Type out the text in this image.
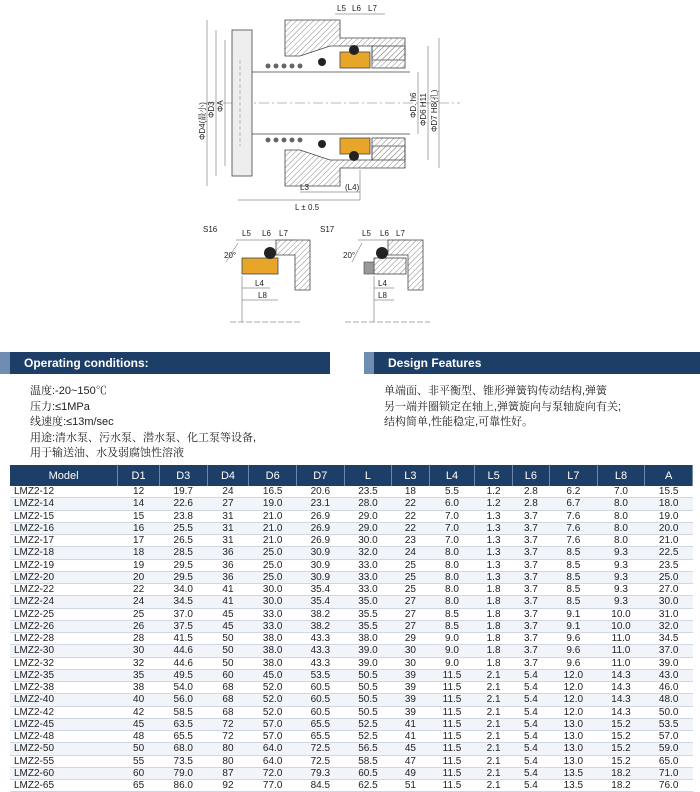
L5 L6 L7
ΦD4(最小) ΦD3 ΦA	ΦD. h6 ΦD6 H11 ΦD7 H8(孔)
L3	(L4)
L ± 0.5
S16
20°
L5 L6 L7
L4
L8
S17
20°
L5 L6 L7
L4
L8
Operating conditions:	Design Features
温度:-20~150℃
压力:≤1MPa
线速度:≤13m/sec
用途:清水泵、污水泵、潜水泵、化工泵等设备,
用于输送油、水及弱腐蚀性溶液
单端面、非平衡型、锥形弹簧钩传动结构,弹簧
另一端并圈锁定在轴上,弹簧旋向与泵轴旋向有关;
结构简单,性能稳定,可靠性好。
Model	D1	D3	D4	D6	D7	L	L3	L4	L5	L6	L7	L8	A
LMZ2-12	12	19.7	24	16.5	20.6	23.5	18	5.5	1.2	2.8	6.2	7.0	15.5
LMZ2-14	14	22.6	27	19.0	23.1	28.0	22	6.0	1.2	2.8	6.7	8.0	18.0
LMZ2-15	15	23.8	31	21.0	26.9	29.0	22	7.0	1.3	3.7	7.6	8.0	19.0
LMZ2-16	16	25.5	31	21.0	26.9	29.0	22	7.0	1.3	3.7	7.6	8.0	20.0
LMZ2-17	17	26.5	31	21.0	26.9	30.0	23	7.0	1.3	3.7	7.6	8.0	21.0
LMZ2-18	18	28.5	36	25.0	30.9	32.0	24	8.0	1.3	3.7	8.5	9.3	22.5
LMZ2-19	19	29.5	36	25.0	30.9	33.0	25	8.0	1.3	3.7	8.5	9.3	23.5
LMZ2-20	20	29.5	36	25.0	30.9	33.0	25	8.0	1.3	3.7	8.5	9.3	25.0
LMZ2-22	22	34.0	41	30.0	35.4	33.0	25	8.0	1.8	3.7	8.5	9.3	27.0
LMZ2-24	24	34.5	41	30.0	35.4	35.0	27	8.0	1.8	3.7	8.5	9.3	30.0
LMZ2-25	25	37.0	45	33.0	38.2	35.5	27	8.5	1.8	3.7	9.1	10.0	31.0
LMZ2-26	26	37.5	45	33.0	38.2	35.5	27	8.5	1.8	3.7	9.1	10.0	32.0
LMZ2-28	28	41.5	50	38.0	43.3	38.0	29	9.0	1.8	3.7	9.6	11.0	34.5
LMZ2-30	30	44.6	50	38.0	43.3	39.0	30	9.0	1.8	3.7	9.6	11.0	37.0
LMZ2-32	32	44.6	50	38.0	43.3	39.0	30	9.0	1.8	3.7	9.6	11.0	39.0
LMZ2-35	35	49.5	60	45.0	53.5	50.5	39	11.5	2.1	5.4	12.0	14.3	43.0
LMZ2-38	38	54.0	68	52.0	60.5	50.5	39	11.5	2.1	5.4	12.0	14.3	46.0
LMZ2-40	40	56.0	68	52.0	60.5	50.5	39	11.5	2.1	5.4	12.0	14.3	48.0
LMZ2-42	42	58.5	68	52.0	60.5	50.5	39	11.5	2.1	5.4	12.0	14.3	50.0
LMZ2-45	45	63.5	72	57.0	65.5	52.5	41	11.5	2.1	5.4	13.0	15.2	53.5
LMZ2-48	48	65.5	72	57.0	65.5	52.5	41	11.5	2.1	5.4	13.0	15.2	57.0
LMZ2-50	50	68.0	80	64.0	72.5	56.5	45	11.5	2.1	5.4	13.0	15.2	59.0
LMZ2-55	55	73.5	80	64.0	72.5	58.5	47	11.5	2.1	5.4	13.0	15.2	65.0
LMZ2-60	60	79.0	87	72.0	79.3	60.5	49	11.5	2.1	5.4	13.5	18.2	71.0
LMZ2-65	65	86.0	92	77.0	84.5	62.5	51	11.5	2.1	5.4	13.5	18.2	76.0
